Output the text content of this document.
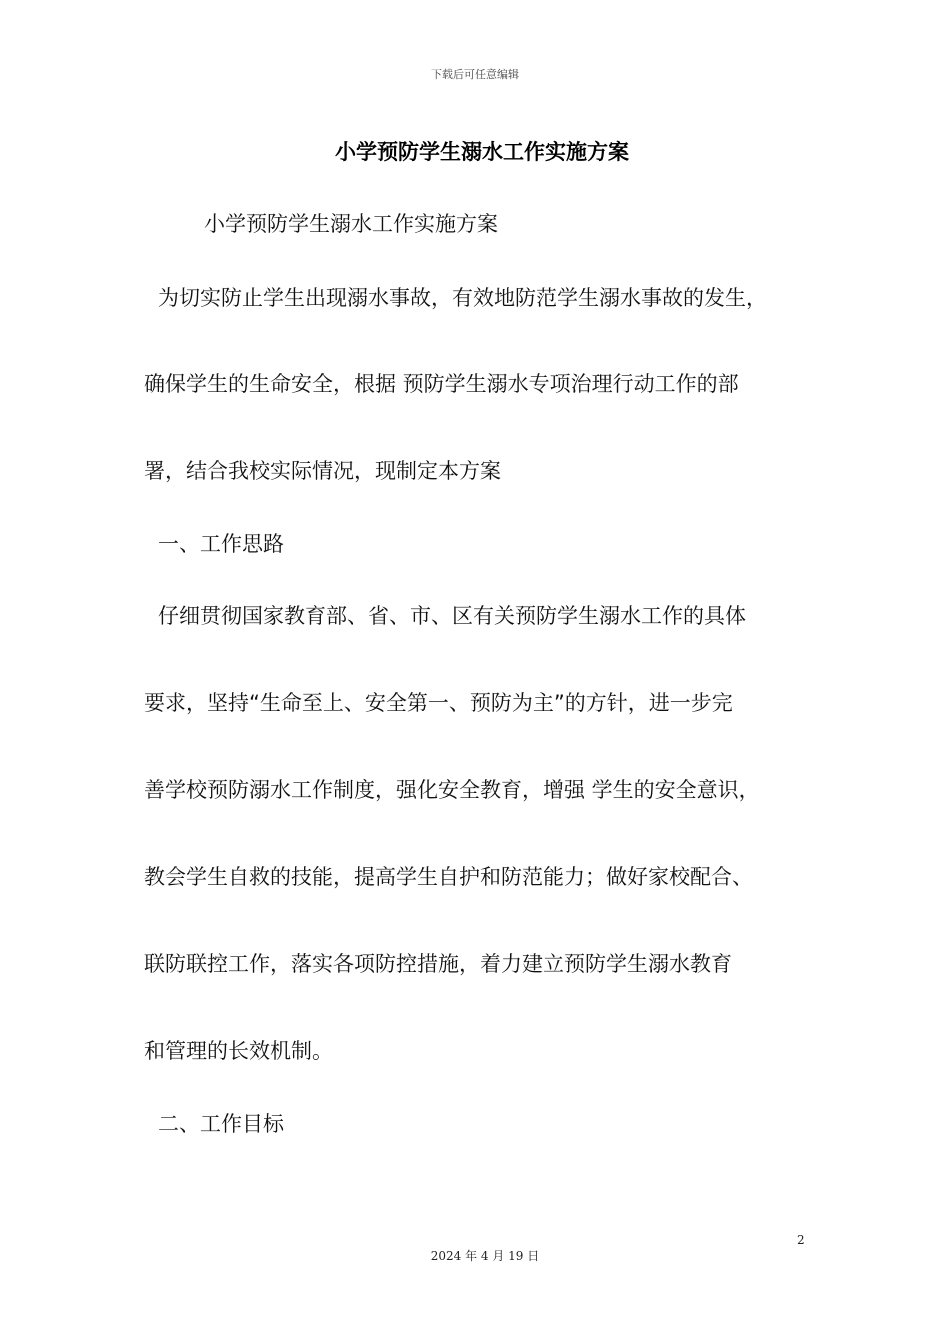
下载后可任意编辑
小学预防学生溺水工作实施方案
小学预防学生溺水工作实施方案
为切实防止学生出现溺水事故，有效地防范学生溺水事故的发生，
确保学生的生命安全，根据 预防学生溺水专项治理行动工作的部
署，结合我校实际情况，现制定本方案
一、工作思路
仔细贯彻国家教育部、省、市、区有关预防学生溺水工作的具体
要求，坚持“生命至上、安全第一、预防为主”的方针，进一步完
善学校预防溺水工作制度，强化安全教育，增强 学生的安全意识，
教会学生自救的技能，提高学生自护和防范能力；做好家校配合、
联防联控工作，落实各项防控措施，着力建立预防学生溺水教育
和管理的长效机制。
二、工作目标
2
2024 年 4 月 19 日
